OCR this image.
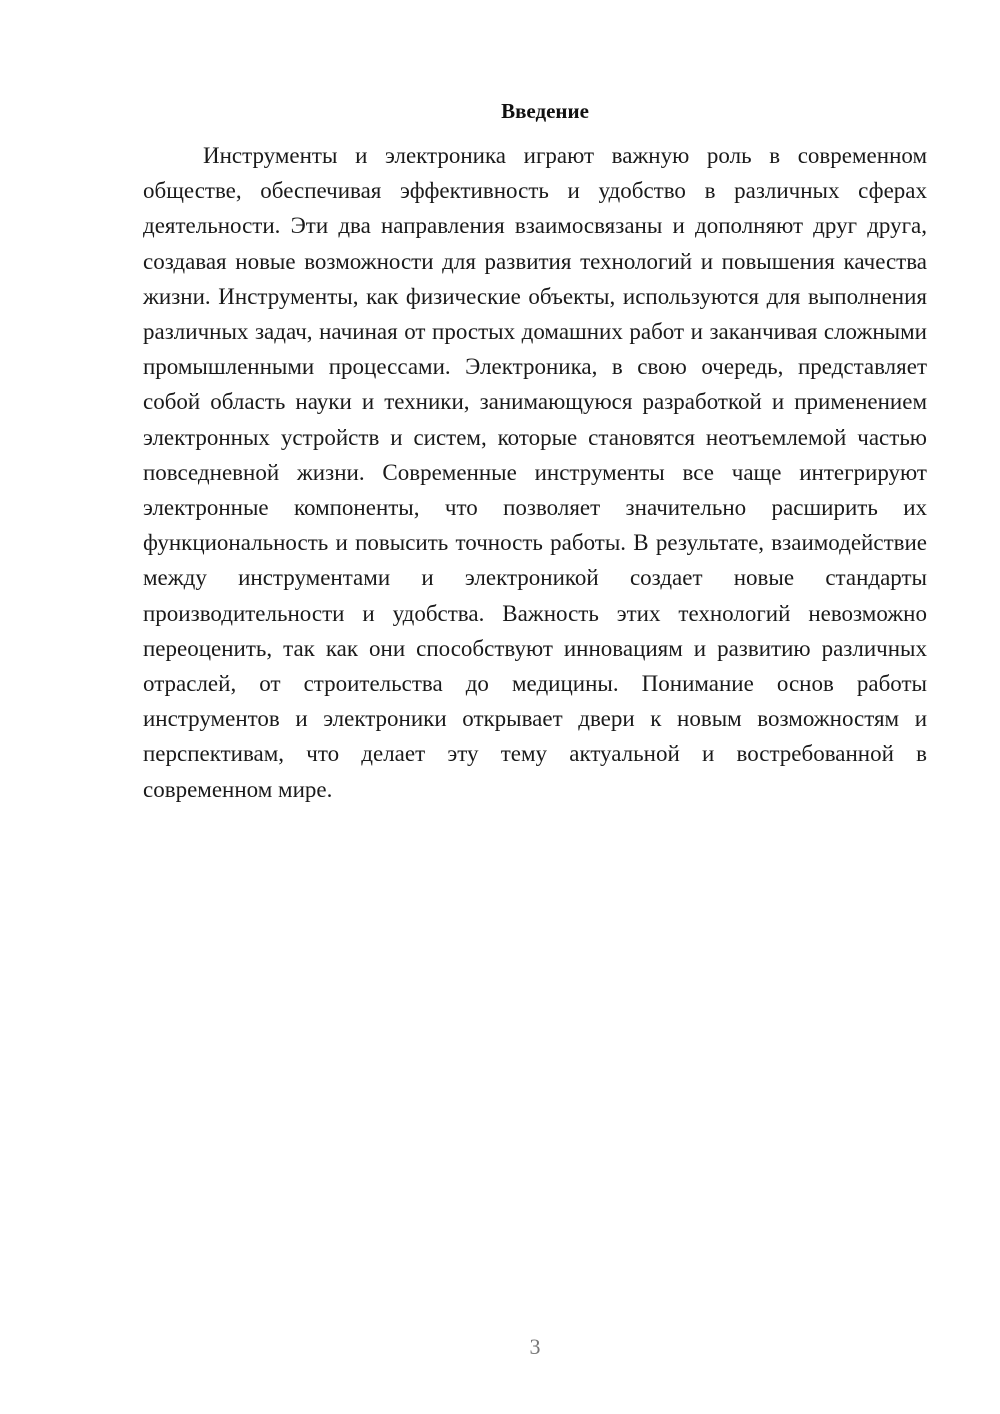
Введение

Инструменты и электроника играют важную роль в современном обществе, обеспечивая эффективность и удобство в различных сферах деятельности. Эти два направления взаимосвязаны и дополняют друг друга, создавая новые возможности для развития технологий и повышения качества жизни. Инструменты, как физические объекты, используются для выполнения различных задач, начиная от простых домашних работ и заканчивая сложными промышленными процессами. Электроника, в свою очередь, представляет собой область науки и техники, занимающуюся разработкой и применением электронных устройств и систем, которые становятся неотъемлемой частью повседневной жизни. Современные инструменты все чаще интегрируют электронные компоненты, что позволяет значительно расширить их функциональность и повысить точность работы. В результате, взаимодействие между инструментами и электроникой создает новые стандарты производительности и удобства. Важность этих технологий невозможно переоценить, так как они способствуют инновациям и развитию различных отраслей, от строительства до медицины. Понимание основ работы инструментов и электроники открывает двери к новым возможностям и перспективам, что делает эту тему актуальной и востребованной в современном мире.

3
